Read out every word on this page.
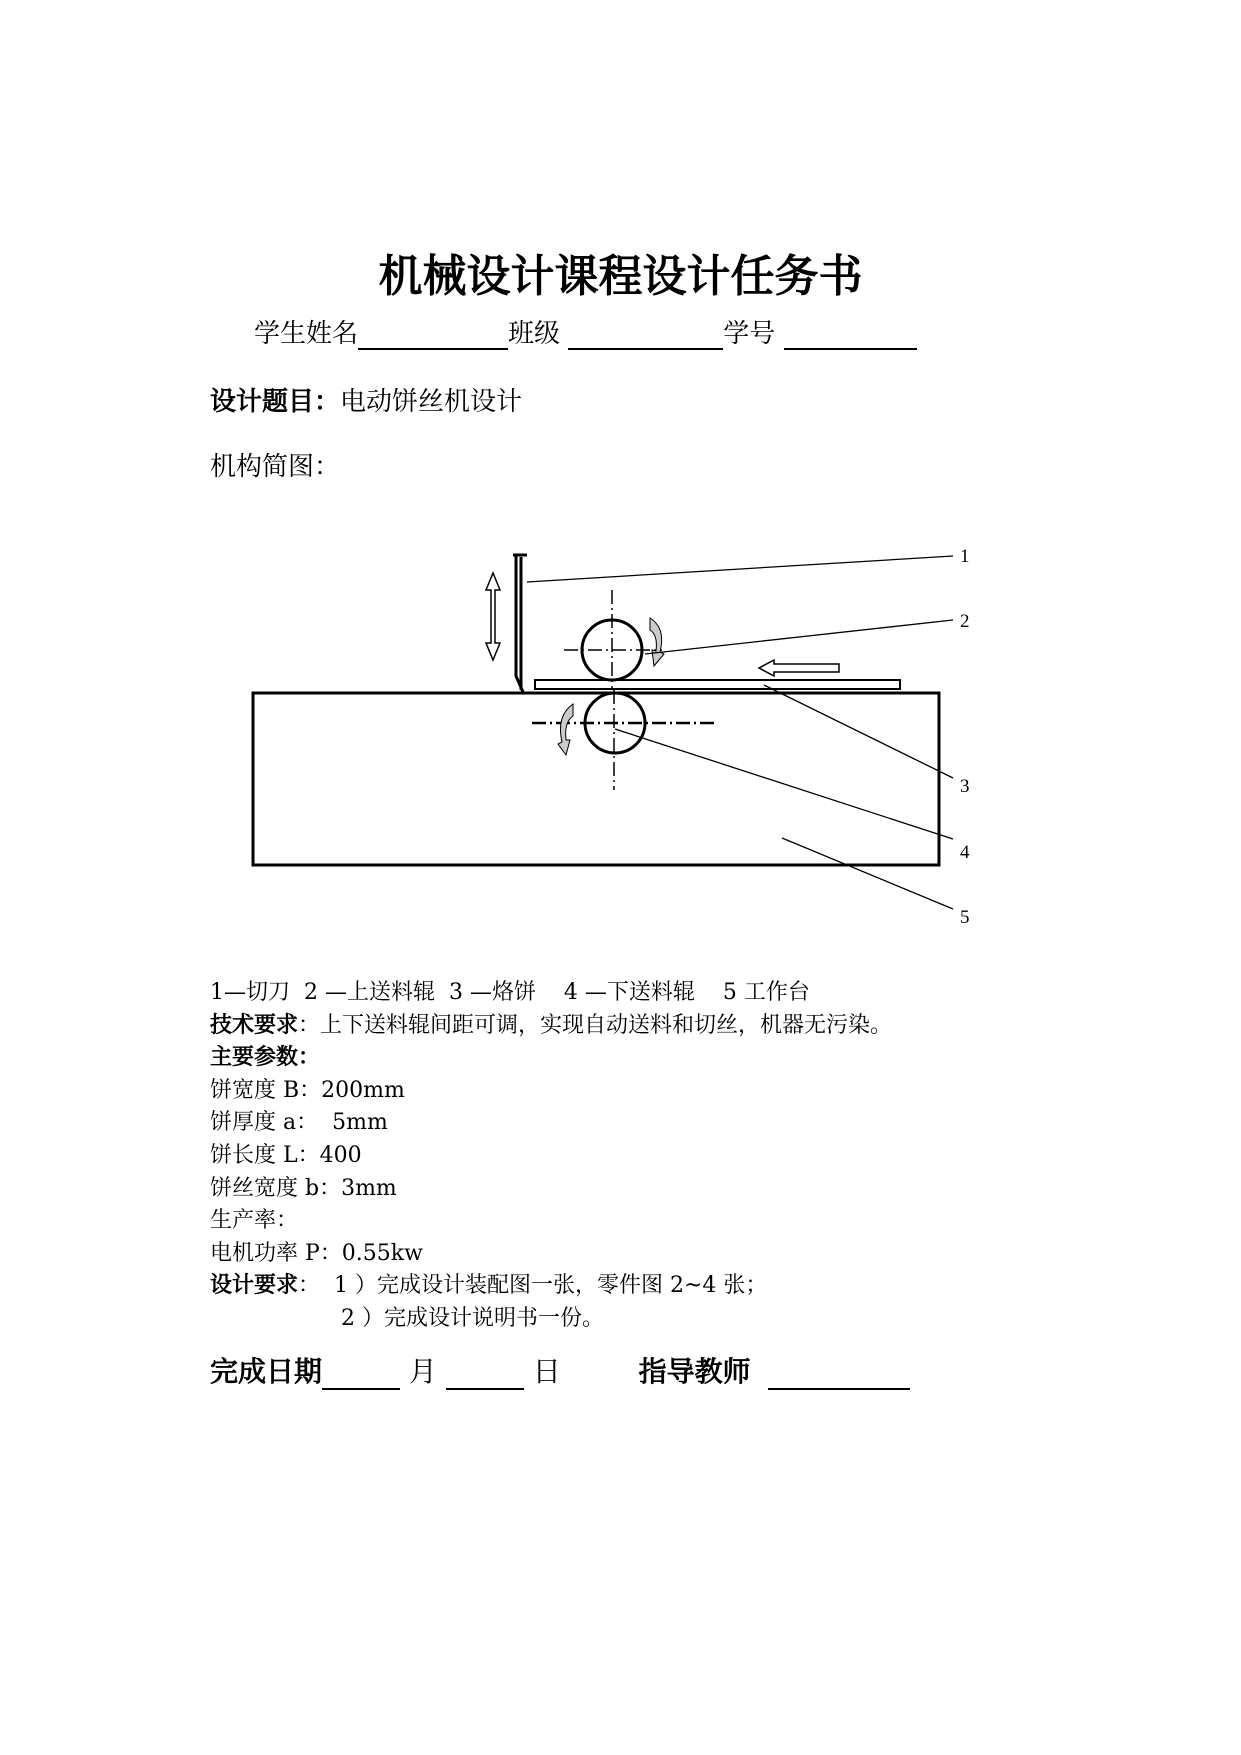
机械设计课程设计任务书
学生姓名	班级	学号
设计题目：电动饼丝机设计
机构简图：
1
2
3
4
5
1—切刀  2 —上送料辊  3 —烙饼    4 —下送料辊    5 工作台
技术要求：上下送料辊间距可调，实现自动送料和切丝，机器无污染。
主要参数：
饼宽度 B：200mm
饼厚度 a：  5mm
饼长度 L：400
饼丝宽度 b：3mm
生产率：
电机功率 P：0.55kw
设计要求：  1 ）完成设计装配图一张，零件图 2~4 张；
2 ）完成设计说明书一份。
完成日期	月	日	指导教师
